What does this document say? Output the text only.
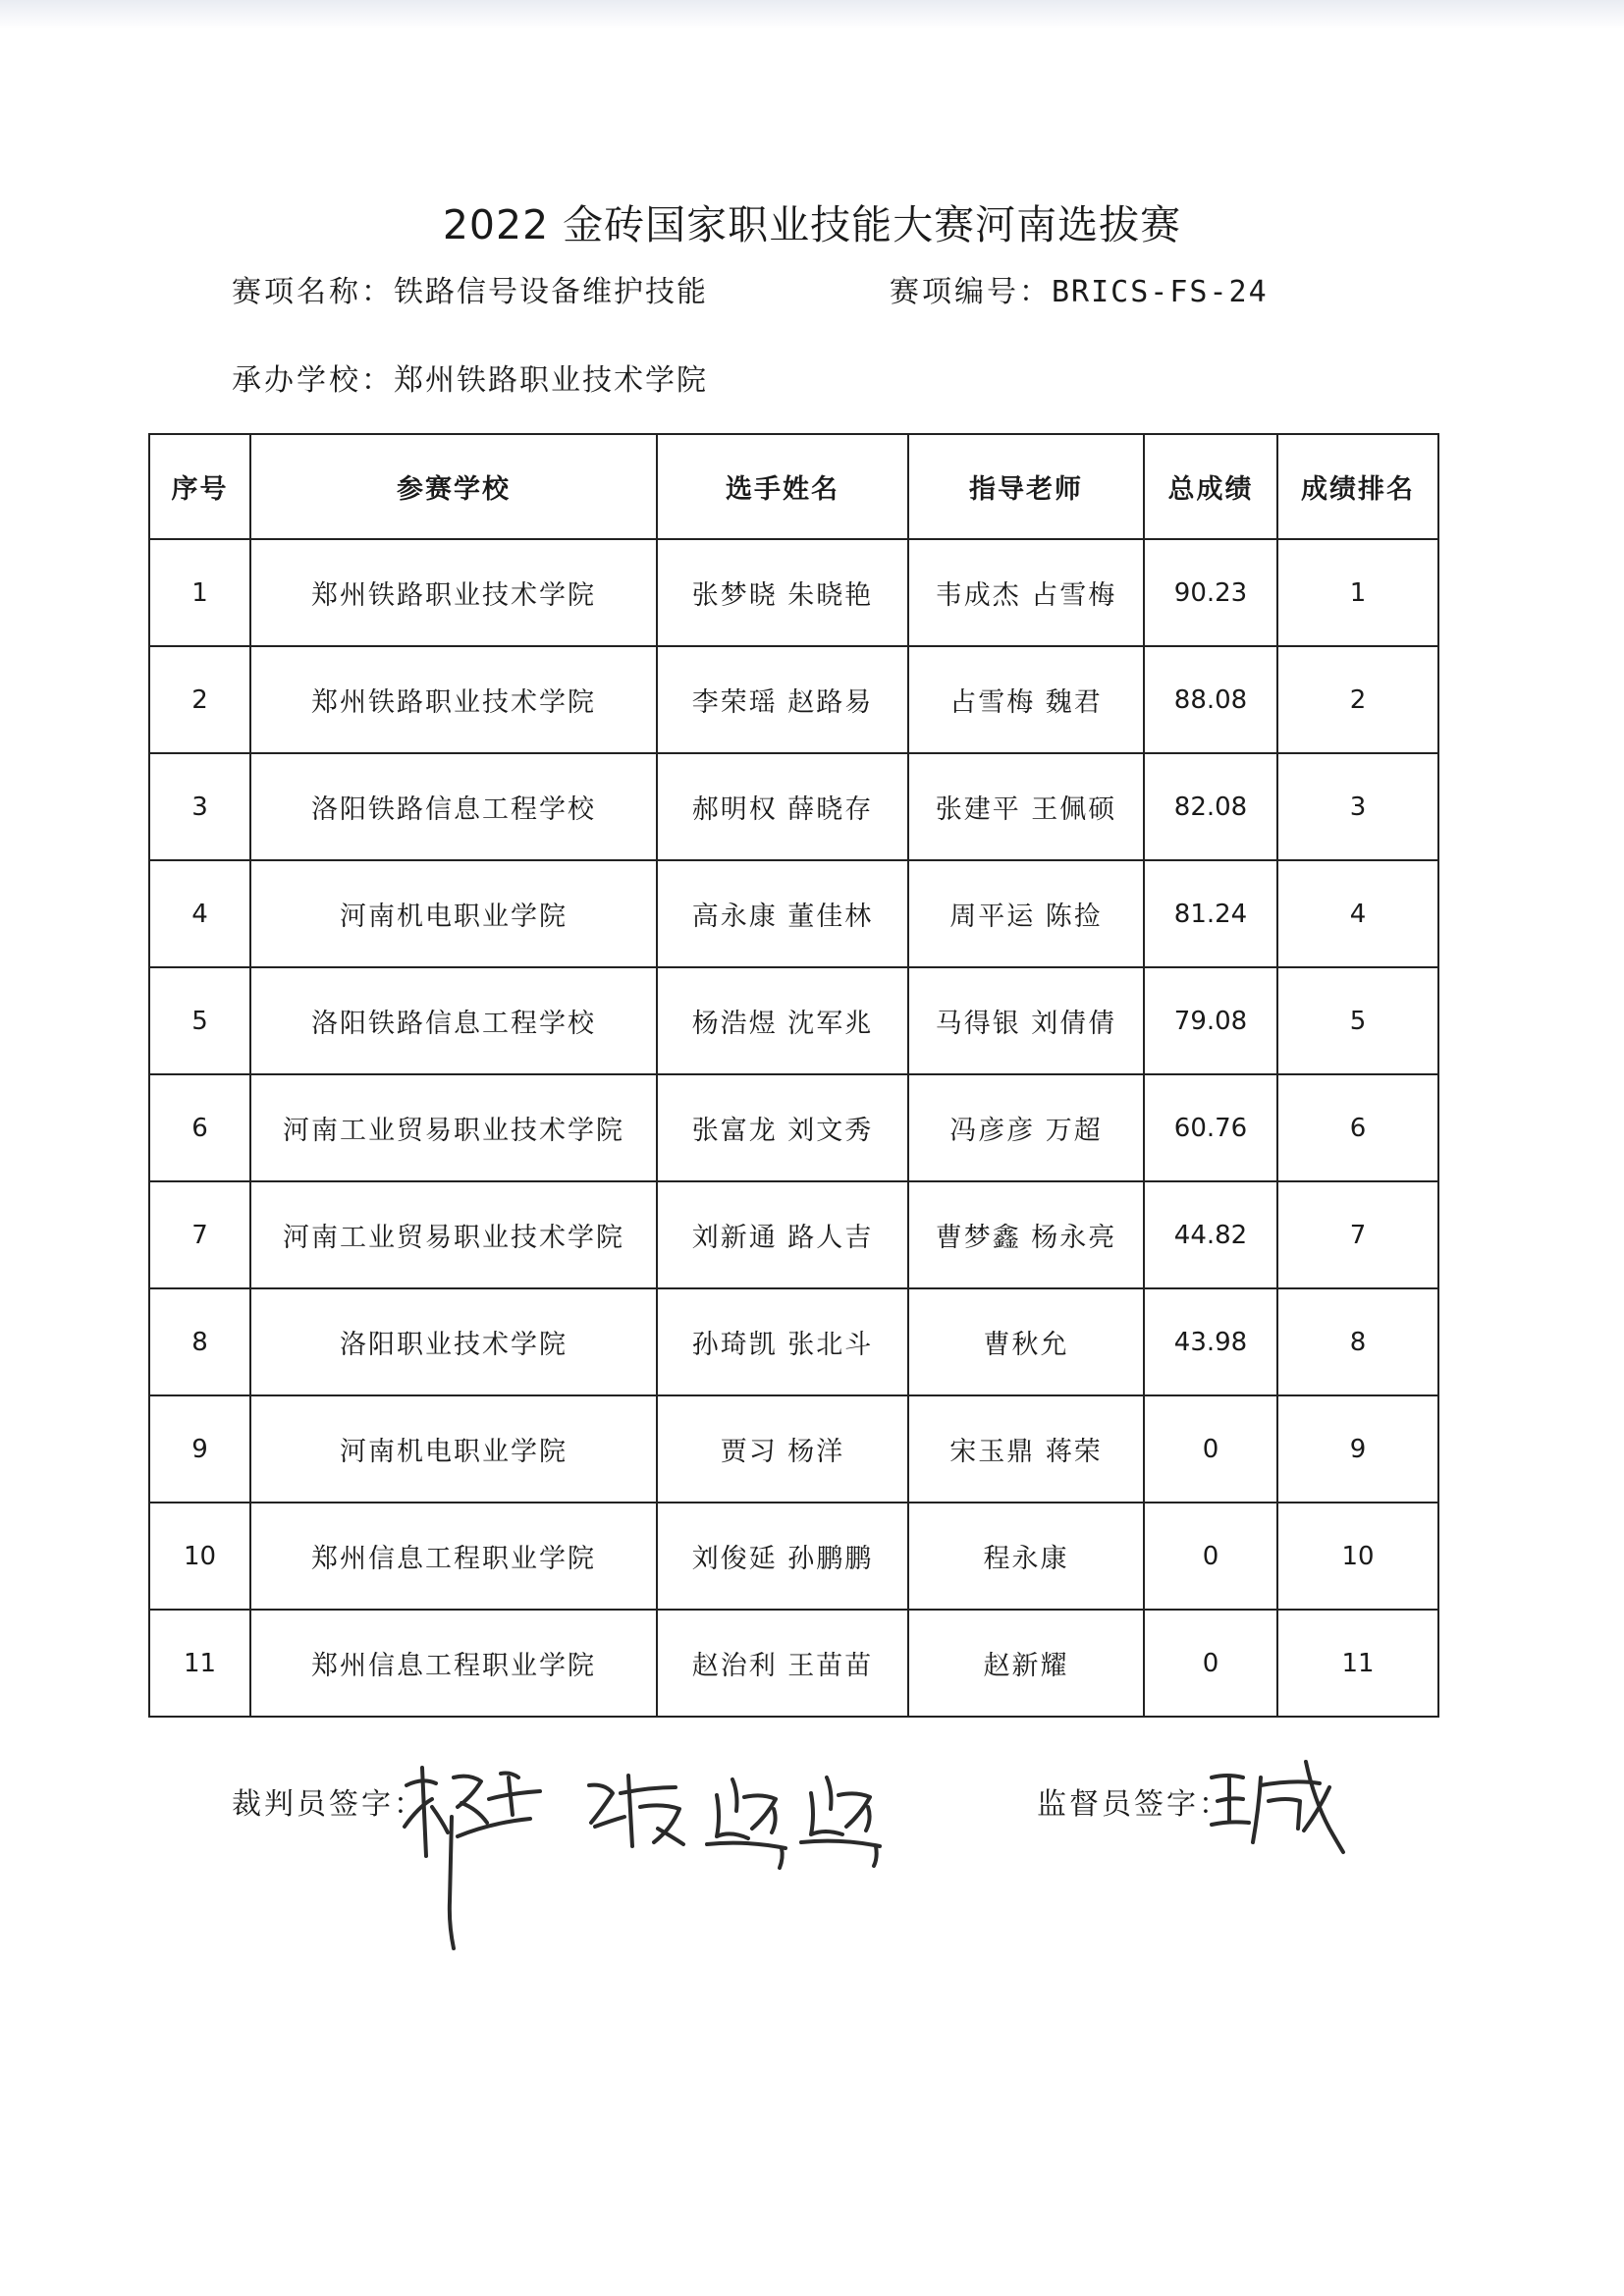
2022 金砖国家职业技能大赛河南选拔赛
赛项名称：铁路信号设备维护技能	赛项编号：BRICS-FS-24
承办学校：郑州铁路职业技术学院
序号	参赛学校	选手姓名	指导老师	总成绩	成绩排名
1	郑州铁路职业技术学院	张梦晓 朱晓艳	韦成杰 占雪梅	90.23	1
2	郑州铁路职业技术学院	李荣瑶 赵路易	占雪梅 魏君	88.08	2
3	洛阳铁路信息工程学校	郝明权 薛晓存	张建平 王佩硕	82.08	3
4	河南机电职业学院	高永康 董佳林	周平运 陈捡	81.24	4
5	洛阳铁路信息工程学校	杨浩煜 沈军兆	马得银 刘倩倩	79.08	5
6	河南工业贸易职业技术学院	张富龙 刘文秀	冯彦彦 万超	60.76	6
7	河南工业贸易职业技术学院	刘新通 路人吉	曹梦鑫 杨永亮	44.82	7
8	洛阳职业技术学院	孙琦凯 张北斗	曹秋允	43.98	8
9	河南机电职业学院	贾习 杨洋	宋玉鼎 蒋荣	0	9
10	郑州信息工程职业学院	刘俊延 孙鹏鹏	程永康	0	10
11	郑州信息工程职业学院	赵治利 王苗苗	赵新耀	0	11
裁判员签字：	监督员签字：
